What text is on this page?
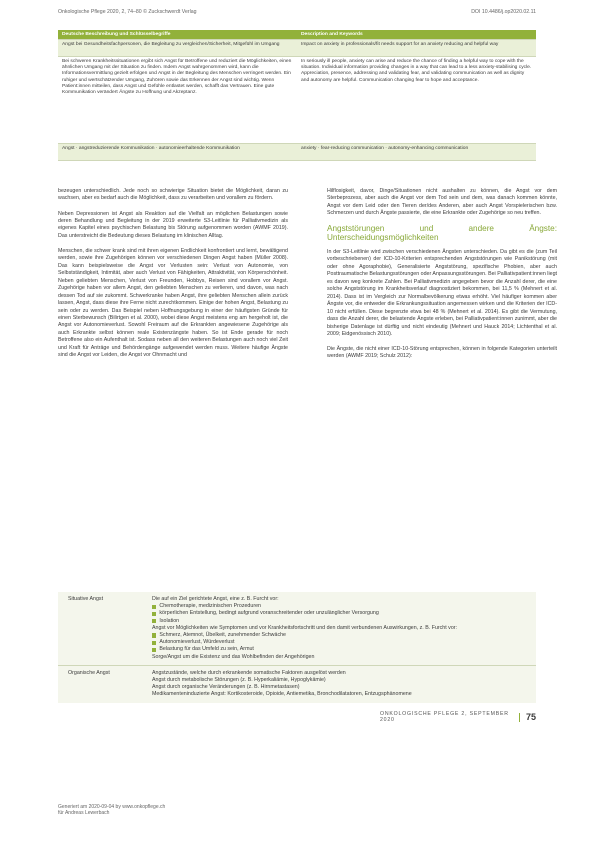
Onkologische Pflege 2020, 2, 74–80 © Zuckschwerdt Verlag	DOI 10.4486/j.op2020.02.11
Deutsche Beschreibung und Schlüsselbegriffe	Description and Keywords
Angst bei Gesundheitsfachpersonen, die Begleitung zu vergleichen/Sicherheit, Mitgefühl im Umgang	Impact on anxiety in professionals/fit needs support for an anxiety reducing and helpful way
Bei schweren Krankheitssituationen ergibt sich Angst für Betroffene und reduziert die Möglichkeiten, einen ähnlichen Umgang mit der Situation zu finden. Indem Angst wahrgenommen wird, kann die Informationsvermittlung gezielt erfolgen und Angst in der Begleitung des Menschen verringert werden. Ein ruhiger und wertschätzender Umgang, Zuhören sowie das Erkennen der Angst sind wichtig. Wenn Patient:innen mitteilen, dass Angst und Gefühle entlastet werden, schafft das Vertrauen. Eine gute Kommunikation verändert Ängste zu Hoffnung und Akzeptanz.
In seriously ill people, anxiety can arise and reduce the chance of finding a helpful way to cope with the situation. Individual information providing changes in a way that can lead to a less anxiety-stabilising cycle. Appreciation, presence, addressing and validating fear, and validating communication as well as dignity and autonomy are helpful. Communication changing fear to hope and acceptance.
Angst · angstreduzierende Kommunikation · autonomieerhaltende Kommunikation	anxiety · fear-reducing communication · autonomy-enhancing communication

bezeugen unterschiedlich. Jede noch so schwierige Situation bietet die Möglichkeit, daran zu wachsen, aber es bedarf auch die Möglichkeit, dass zu verarbeiten und vorallem zu fördern.

Neben Depressionen ist Angst als Reaktion auf die Vielfalt an möglichen Belastungen sowie deren Behandlung und Begleitung in der 2019 erweiterte S3-Leitlinie für Palliativmedizin als eigenes Kapitel eines psychischen Belastung bis Störung aufgenommen worden (AWMF 2019). Das unterstreicht die Bedeutung dieses Belastung im klinischen Alltag.

Menschen, die schwer krank sind mit ihren eigenen Endlichkeit konfrontiert und lernt, bewältigend werden, sowie ihre Zugehörigen können vor verschiedenen Dingen Angst haben (Müller 2008). Das kann beispielsweise die Angst vor Verlusten sein: Verlust von Autonomie, von Selbstständigkeit, Intimität, aber auch Verlust von Fähigkeiten, Attraktivität, von Körperschönheit. Neben geliebten Menschen, Verlust von Freunden, Hobbys, Reisen sind vorallem vor Angst. Zugehörige haben vor allem Angst, den geliebten Menschen zu verlieren, und davon, was nach dessen Tod auf sie zukommt. Schwerkranke haben Angst, ihre geliebten Menschen allein zurück lassen, Angst, dass diese ihre Ferne nicht zurechtkommen. Einige der hohen Angst, Belastung zu sein oder zu werden. Das Beispiel neben Hoffnungsgebung in einer der häufigsten Gründe für einen Sterbewunsch (Bilirtgen et al. 2000), wobei diese Angst meistens eng am hergeholt ist, die Angst vor Autonomieverlust. Sowohl Freiraum auf die Erkrankten angewiesene Zugehörige als auch Erkrankte selbst können reale Existenzängste haben. So ist Ende gerade für noch Betroffene also ein Aufenthalt ist. Sodass neben all den weiteren Belastungen auch noch viel Zeit und Kraft für Anträge und Behördengänge aufgewendet werden muss. Weitere häufige Ängste sind die Angst vor Leiden, die Angst vor Ohnmacht und

Hilflosigkeit, davor, Dinge/Situationen nicht aushalten zu können, die Angst vor dem Sterbeprozess, aber auch die Angst vor dem Tod sein und dem, was danach kommen könnte, Angst vor dem Leid oder den Tieren der/des Anderen, aber auch Angst Vorspielerischen bzw. Schmerzen und durch Ängste passierte, die eine Erkrankte oder Zugehörige so neu treffen.

Angststörungen und andere Ängste: Unterscheidungsmöglichkeiten

In der S3-Leitlinie wird zwischen verschiedenen Ängsten unterschieden. Da gibt es die (zum Teil vorbeschriebenen) der ICD-10-Kriterien entsprechenden Angststörungen wie Panikstörung (mit oder ohne Agoraphobie), Generalisierte Angststörung, spezifische Phobien, aber auch Posttraumatische Belastungsstörungen oder Anpassungsstörungen. Bei Palliativpatient:innen liegt es davon weg konkrete Zahlen. Bei Palliativmedizin angegeben bevor die Anzahl derer, die eine solche Angststörung im Krankheitsverlauf diagnostiziert bekommen, bei 11,5 % (Mehnert et al. 2014). Dass ist im Vergleich zur Normalbevölkerung etwas erhöht. Viel häufiger kommen aber Ängste vor, die entweder die Erkrankungssituation angemessen wirken und die Kriterien der ICD-10 nicht erfüllen. Diese begrenzte etwa bei 48 % (Mehnert et al. 2014). Es gibt die Vermutung, dass die Anzahl derer, die belastende Ängste erleben, bei Palliativpatient:innen zunimmt, aber die bisherige Datenlage ist dürftig und nicht eindeutig (Mehnert und Hauck 2014; Lichtenthal et al. 2009; Eidgenössisch 2010).

Die Ängste, die nicht einer ICD-10-Störung entsprechen, können in folgende Kategorien unterteilt werden (AWMF 2019; Schulz 2012):

Situative Angst	Die auf ein Ziel gerichtete Angst, eine z. B. Furcht vor:
Chemotherapie, medizinischen Prozeduren
körperlichen Entstellung, bedingt aufgrund voranschreitender oder unzulänglicher Versorgung
Isolation
Angst vor Möglichkeiten wie Symptomen und vor Krankheitsfortschritt und den damit verbundenen Auswirkungen, z. B. Furcht vor:
Schmerz, Atemnot, Übelkeit, zunehmender Schwäche
Autonomieverlust, Würdeverlust
Belastung für das Umfeld zu sein, Armut
Sorge/Angst um die Existenz und das Wohlbefinden der Angehörigen
Organische Angst	Angstzustände, welche durch erkrankende somatische Faktoren ausgelöst werden
Angst durch metabolische Störungen (z. B. Hyperkaliämie, Hypoglykämie)
Angst durch organische Veränderungen (z. B. Hirnmetastasen)
Medikamenteninduzierte Angst: Kortikosteroide, Opioide, Antiemetika, Bronchodilatatoren, Entzugsphänomene
ONKOLOGISCHE PFLEGE 2, SEPTEMBER 2020	75
Generiert am 2020-09-04 by www.onkopflege.ch
für Andreas Lewerbach
